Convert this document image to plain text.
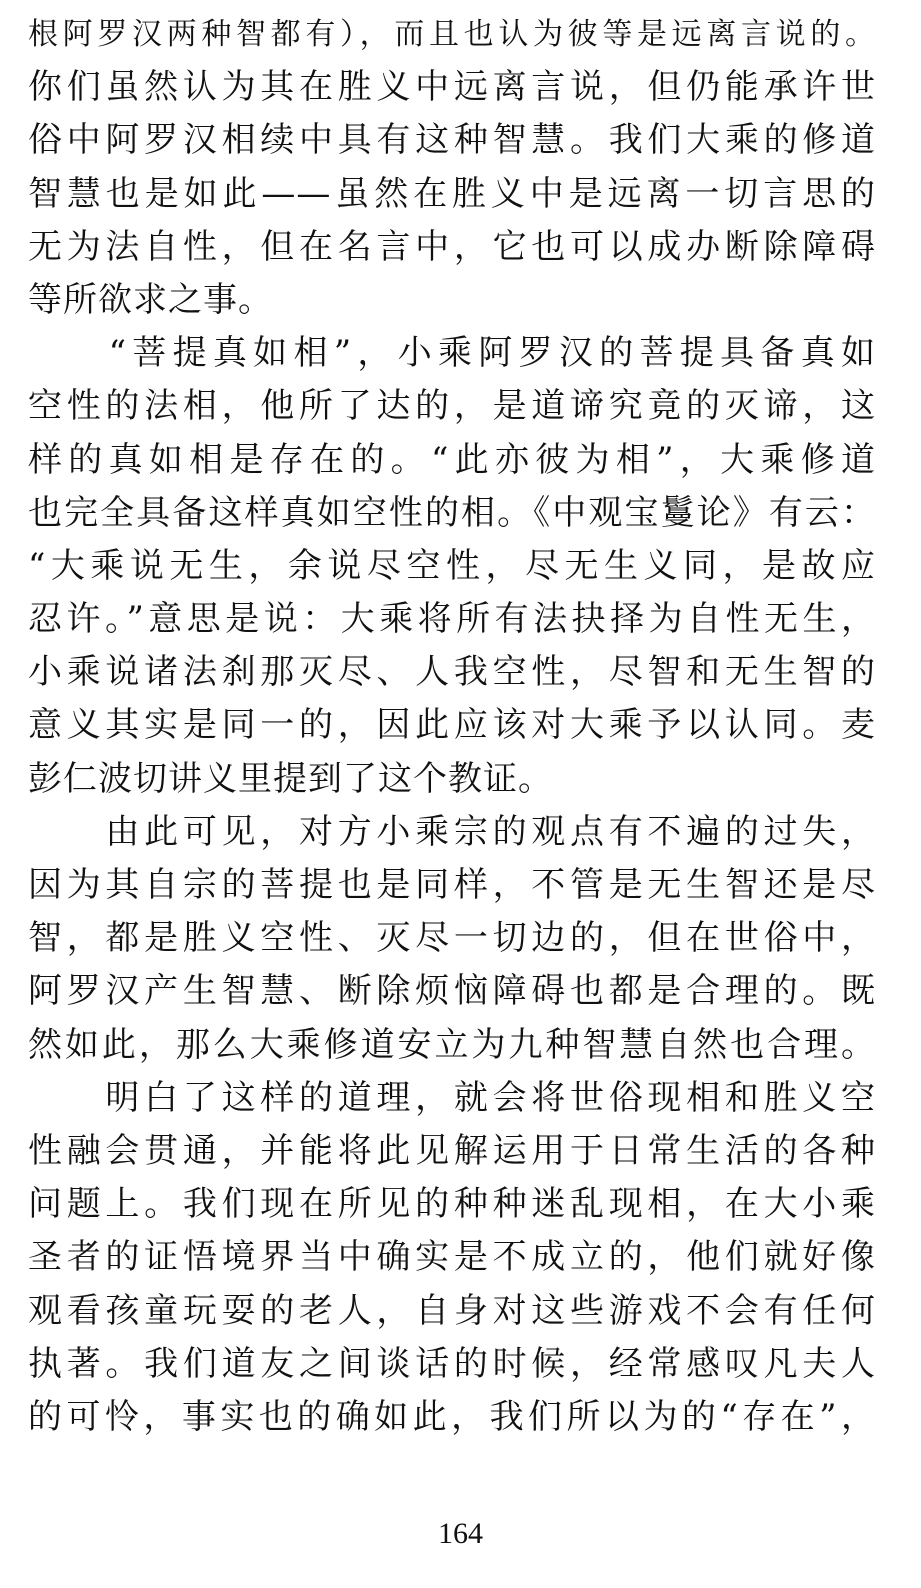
根阿罗汉两种智都有），而且也认为彼等是远离言说的。
你们虽然认为其在胜义中远离言说，但仍能承许世
俗中阿罗汉相续中具有这种智慧。我们大乘的修道
智慧也是如此——虽然在胜义中是远离一切言思的
无为法自性，但在名言中，它也可以成办断除障碍
等所欲求之事。
　　“菩提真如相”，小乘阿罗汉的菩提具备真如
空性的法相，他所了达的，是道谛究竟的灭谛，这
样的真如相是存在的。“此亦彼为相”，大乘修道
也完全具备这样真如空性的相。《中观宝鬘论》有云：
“大乘说无生，余说尽空性，尽无生义同，是故应
忍许。”意思是说：大乘将所有法抉择为自性无生，
小乘说诸法刹那灭尽、人我空性，尽智和无生智的
意义其实是同一的，因此应该对大乘予以认同。麦
彭仁波切讲义里提到了这个教证。
　　由此可见，对方小乘宗的观点有不遍的过失，
因为其自宗的菩提也是同样，不管是无生智还是尽
智，都是胜义空性、灭尽一切边的，但在世俗中，
阿罗汉产生智慧、断除烦恼障碍也都是合理的。既
然如此，那么大乘修道安立为九种智慧自然也合理。
　　明白了这样的道理，就会将世俗现相和胜义空
性融会贯通，并能将此见解运用于日常生活的各种
问题上。我们现在所见的种种迷乱现相，在大小乘
圣者的证悟境界当中确实是不成立的，他们就好像
观看孩童玩耍的老人，自身对这些游戏不会有任何
执著。我们道友之间谈话的时候，经常感叹凡夫人
的可怜，事实也的确如此，我们所以为的“存在”，
164
